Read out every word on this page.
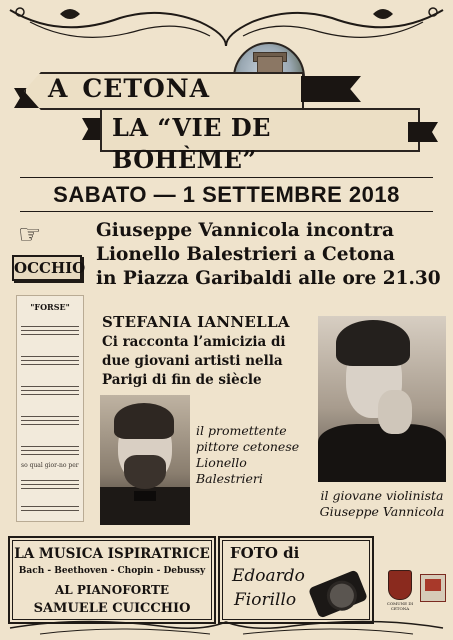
A CETONA
LA “VIE DE BOHÈME”
SABATO — 1 SETTEMBRE 2018
☞
OCCHIO
Giuseppe Vannicola incontra
Lionello Balestrieri a Cetona
in Piazza Garibaldi alle ore 21.30
"FORSE"
so qual gior-no per
STEFANIA IANNELLA
Ci racconta l’amicizia di
due giovani artisti nella
Parigi di fin de siècle
il promettente
pittore cetonese
Lionello Balestrieri
il giovane violinista
Giuseppe Vannicola
LA MUSICA ISPIRATRICE
Bach - Beethoven - Chopin - Debussy
AL PIANOFORTE
SAMUELE CUICCHIO
FOTO di
Edoardo
Fiorillo	COMUNE DI CETONA
